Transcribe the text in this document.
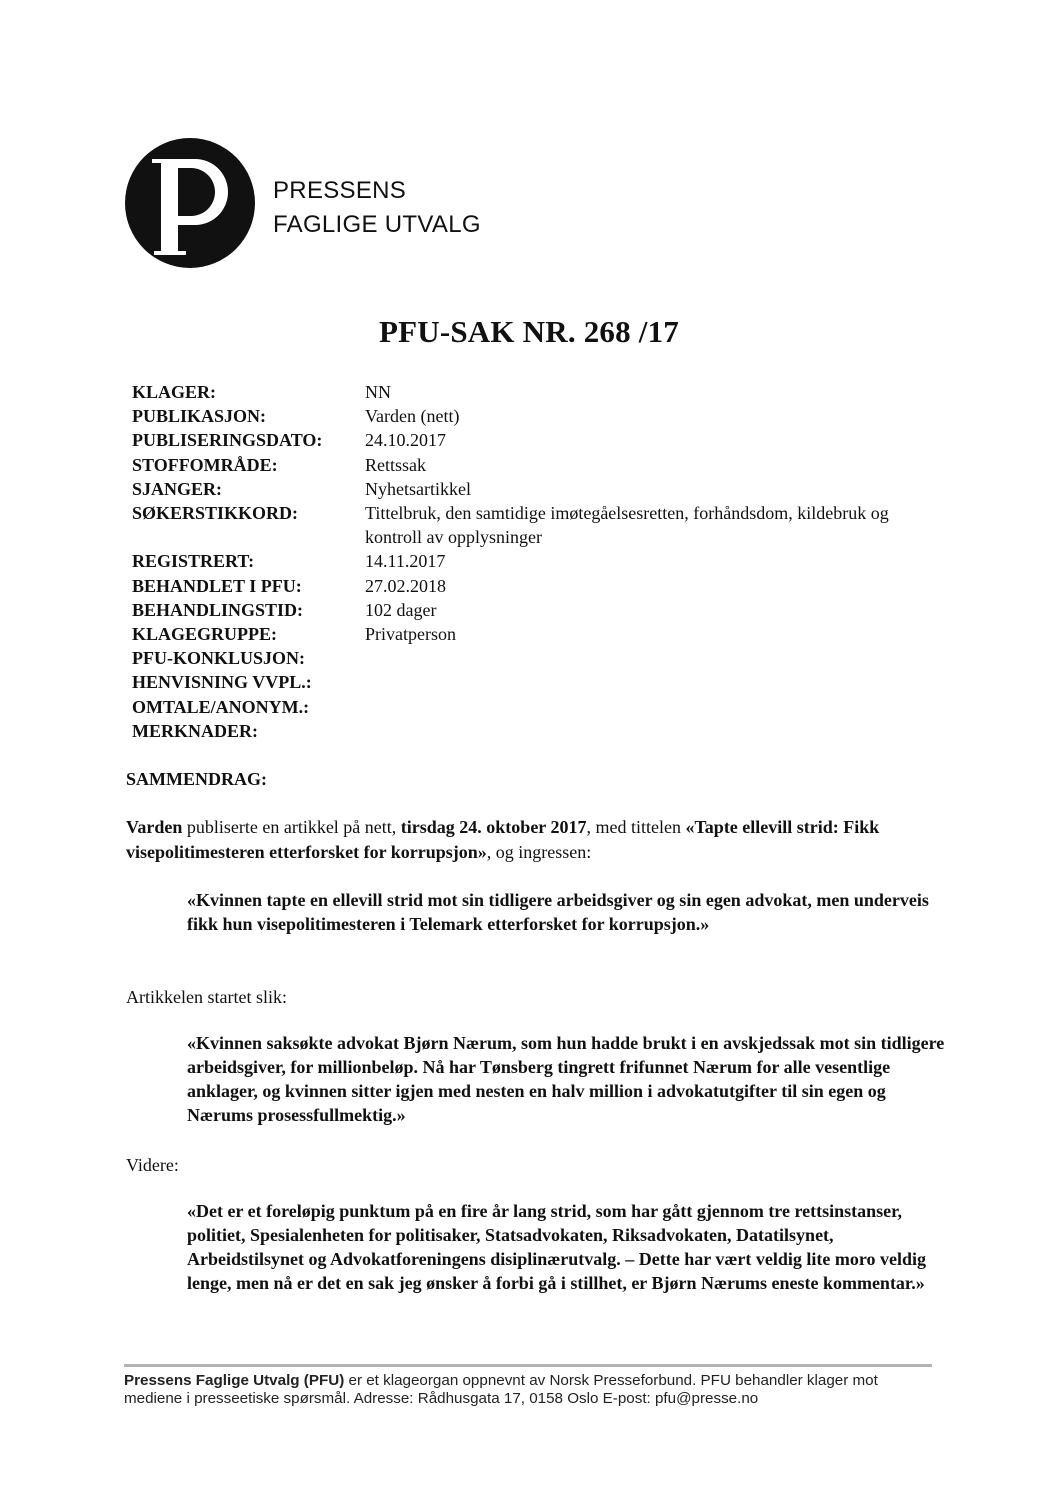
PRESSENS
FAGLIGE UTVALG
PFU-SAK NR. 268 /17
KLAGER:	NN
PUBLIKASJON:	Varden (nett)
PUBLISERINGSDATO:	24.10.2017
STOFFOMRÅDE:	Rettssak
SJANGER:	Nyhetsartikkel
SØKERSTIKKORD:	Tittelbruk, den samtidige imøtegåelsesretten, forhåndsdom, kildebruk og kontroll av opplysninger
REGISTRERT:	14.11.2017
BEHANDLET I PFU:	27.02.2018
BEHANDLINGSTID:	102 dager
KLAGEGRUPPE:	Privatperson
PFU-KONKLUSJON:
HENVISNING VVPL.:
OMTALE/ANONYM.:
MERKNADER:
SAMMENDRAG:
Varden publiserte en artikkel på nett, tirsdag 24. oktober 2017, med tittelen «Tapte ellevill strid: Fikk visepolitimesteren etterforsket for korrupsjon», og ingressen:
«Kvinnen tapte en ellevill strid mot sin tidligere arbeidsgiver og sin egen advokat, men underveis fikk hun visepolitimesteren i Telemark etterforsket for korrupsjon.»
Artikkelen startet slik:
«Kvinnen saksøkte advokat Bjørn Nærum, som hun hadde brukt i en avskjedssak mot sin tidligere arbeidsgiver, for millionbeløp. Nå har Tønsberg tingrett frifunnet Nærum for alle vesentlige anklager, og kvinnen sitter igjen med nesten en halv million i advokatutgifter til sin egen og Nærums prosessfullmektig.»
Videre:
«Det er et foreløpig punktum på en fire år lang strid, som har gått gjennom tre rettsinstanser, politiet, Spesialenheten for politisaker, Statsadvokaten, Riksadvokaten, Datatilsynet, Arbeidstilsynet og Advokatforeningens disiplinærutvalg. – Dette har vært veldig lite moro veldig lenge, men nå er det en sak jeg ønsker å forbi gå i stillhet, er Bjørn Nærums eneste kommentar.»
Pressens Faglige Utvalg (PFU) er et klageorgan oppnevnt av Norsk Presseforbund. PFU behandler klager mot mediene i presseetiske spørsmål. Adresse: Rådhusgata 17, 0158 Oslo E-post: pfu@presse.no
